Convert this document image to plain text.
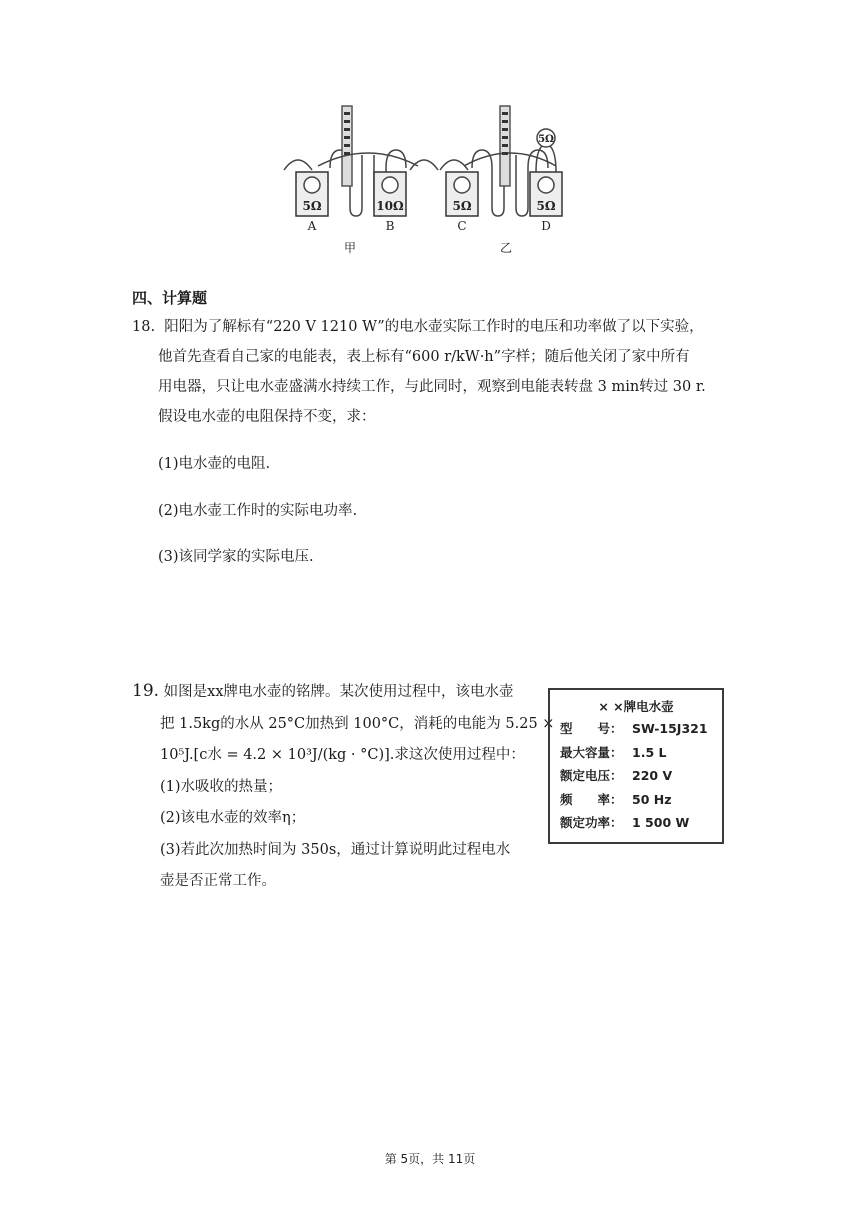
5Ω	10Ω	5Ω	5Ω
5Ω
A	B	C	D
甲	乙
四、计算题
18. 阳阳为了解标有“220 V 1210 W”的电水壶实际工作时的电压和功率做了以下实验，
他首先查看自己家的电能表，表上标有“600 r/kW·h”字样；随后他关闭了家中所有
用电器，只让电水壶盛满水持续工作，与此同时，观察到电能表转盘 3 min转过 30 r.
假设电水壶的电阻保持不变，求：
(1)电水壶的电阻.
(2)电水壶工作时的实际电功率.
(3)该同学家的实际电压.
19. 如图是xx牌电水壶的铭牌。某次使用过程中，该电水壶
把 1.5kg的水从 25°C加热到 100°C，消耗的电能为 5.25 ×
10⁵J.[c水 = 4.2 × 10³J/(kg · °C)].求这次使用过程中：
(1)水吸收的热量；
(2)该电水壶的效率η；
(3)若此次加热时间为 350s，通过计算说明此过程电水
壶是否正常工作。
× ×牌电水壶
型　　号： SW-15J321
最大容量： 1.5 L
额定电压： 220 V
频　　率： 50 Hz
额定功率： 1 500 W
第 5页，共 11页
